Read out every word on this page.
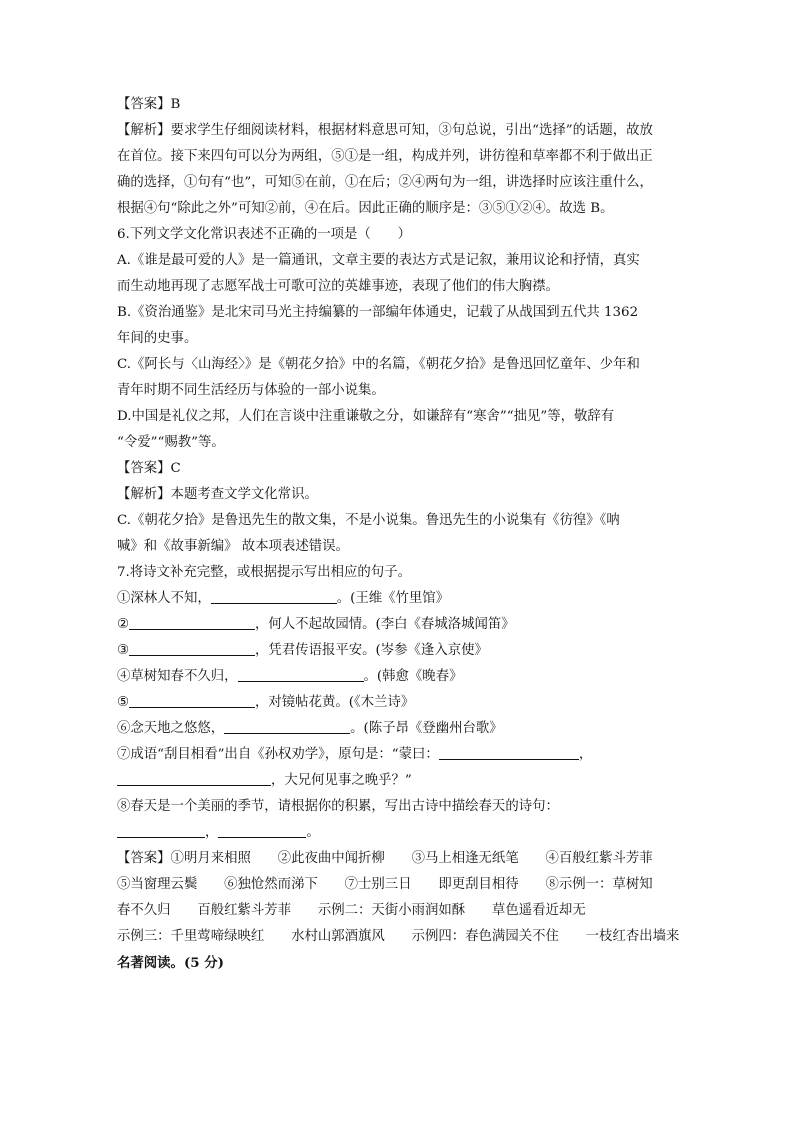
【答案】B
【解析】要求学生仔细阅读材料，根据材料意思可知，③句总说，引出“选择”的话题，故放
在首位。接下来四句可以分为两组，⑤①是一组，构成并列，讲彷徨和草率都不利于做出正
确的选择，①句有“也”，可知⑤在前，①在后；②④两句为一组，讲选择时应该注重什么，
根据④句“除此之外”可知②前，④在后。因此正确的顺序是：③⑤①②④。故选 B。
6.下列文学文化常识表述不正确的一项是（　　）
A.《谁是最可爱的人》是一篇通讯，文章主要的表达方式是记叙，兼用议论和抒情，真实
而生动地再现了志愿军战士可歌可泣的英雄事迹，表现了他们的伟大胸襟。
B.《资治通鉴》是北宋司马光主持编纂的一部编年体通史，记载了从战国到五代共 1362
年间的史事。
C.《阿长与〈山海经〉》是《朝花夕拾》中的名篇，《朝花夕拾》是鲁迅回忆童年、少年和
青年时期不同生活经历与体验的一部小说集。
D.中国是礼仪之邦，人们在言谈中注重谦敬之分，如谦辞有“寒舍”“拙见”等，敬辞有
“令爱”“赐教”等。
【答案】C
【解析】本题考查文学文化常识。
C.《朝花夕拾》是鲁迅先生的散文集，不是小说集。鲁迅先生的小说集有《彷徨》《呐
喊》和《故事新编》 故本项表述错误。
7.将诗文补充完整，或根据提示写出相应的句子。
①深林人不知，	。(王维《竹里馆》
②	，何人不起故园情。(李白《春城洛城闻笛》
③	，凭君传语报平安。(岑参《逢入京使》
④草树知春不久归，	。(韩愈《晚春》
⑤	，对镜帖花黄。(《木兰诗》
⑥念天地之悠悠，	。(陈子昂《登幽州台歌》
⑦成语“刮目相看”出自《孙权劝学》，原句是：“蒙曰：	，
，大兄何见事之晚乎？”
⑧春天是一个美丽的季节，请根据你的积累，写出古诗中描绘春天的诗句：
，	。
【答案】①明月来相照　　②此夜曲中闻折柳　　③马上相逢无纸笔　　④百般红紫斗芳菲
⑤当窗理云鬓　　⑥独怆然而涕下　　⑦士别三日　　即更刮目相待　　⑧示例一：草树知
春不久归　　百般红紫斗芳菲　　示例二：天街小雨润如酥　　草色遥看近却无
示例三：千里莺啼绿映红　　水村山郭酒旗风　　示例四：春色满园关不住　　一枝红杏出墙来
名著阅读。(5 分)
